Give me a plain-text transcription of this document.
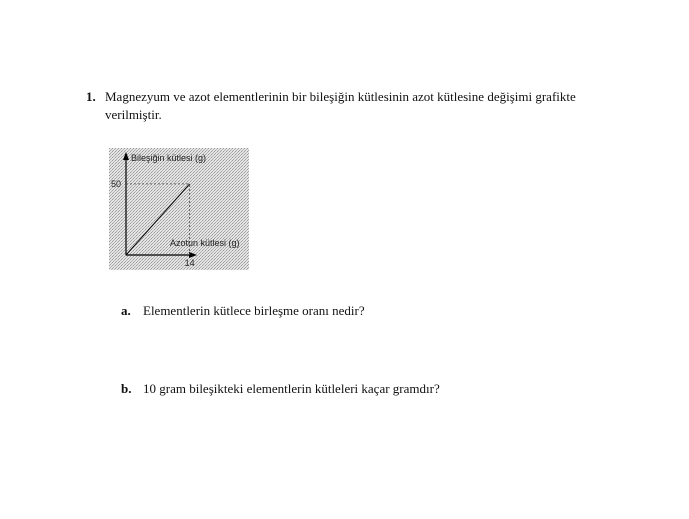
1. Magnezyum ve azot elementlerinin bir bileşiğin kütlesinin azot kütlesine değişimi grafikte verilmiştir.
Bileşiğin kütlesi (g)
50
Azotun kütlesi (g)
14
a. Elementlerin kütlece birleşme oranı nedir?
b. 10 gram bileşikteki elementlerin kütleleri kaçar gramdır?
